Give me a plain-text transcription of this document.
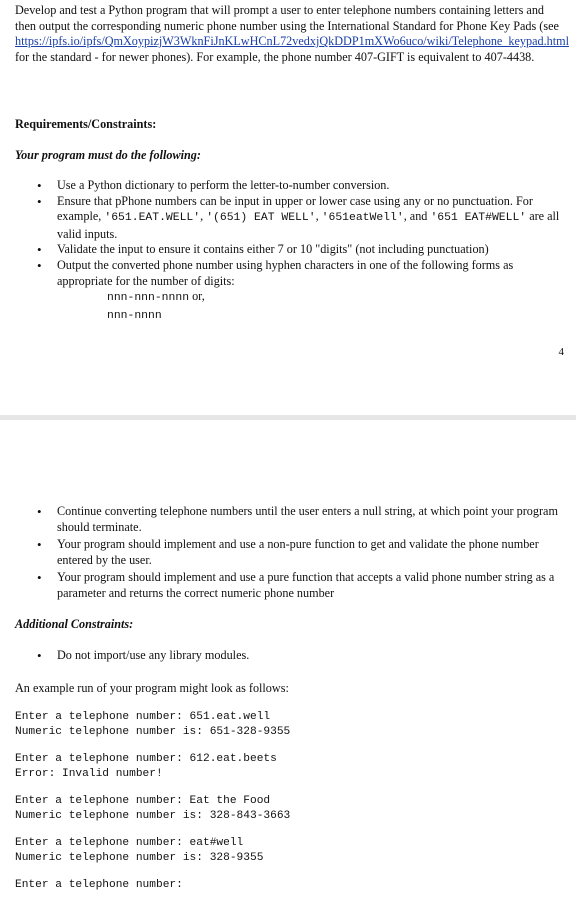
Develop and test a Python program that will prompt a user to enter telephone numbers containing letters and then output the corresponding numeric phone number using the International Standard for Phone Key Pads (see https://ipfs.io/ipfs/QmXoypizjW3WknFiJnKLwHCnL72vedxjQkDDP1mXWo6uco/wiki/Telephone_keypad.html for the standard - for newer phones). For example, the phone number 407-GIFT is equivalent to 407-4438.
Requirements/Constraints:
Your program must do the following:
• Use a Python dictionary to perform the letter-to-number conversion.
• Ensure that pPhone numbers can be input in upper or lower case using any or no punctuation. For example, '651.EAT.WELL', '(651) EAT WELL', '651eatWell', and '651 EAT#WELL' are all valid inputs.
• Validate the input to ensure it contains either 7 or 10 "digits" (not including punctuation)
• Output the converted phone number using hyphen characters in one of the following forms as appropriate for the number of digits:
nnn-nnn-nnnn or,
nnn-nnnn
4
• Continue converting telephone numbers until the user enters a null string, at which point your program should terminate.
• Your program should implement and use a non-pure function to get and validate the phone number entered by the user.
• Your program should implement and use a pure function that accepts a valid phone number string as a parameter and returns the correct numeric phone number
Additional Constraints:
• Do not import/use any library modules.
An example run of your program might look as follows:
Enter a telephone number: 651.eat.well
Numeric telephone number is: 651-328-9355
Enter a telephone number: 612.eat.beets
Error: Invalid number!
Enter a telephone number: Eat the Food
Numeric telephone number is: 328-843-3663
Enter a telephone number: eat#well
Numeric telephone number is: 328-9355
Enter a telephone number:
